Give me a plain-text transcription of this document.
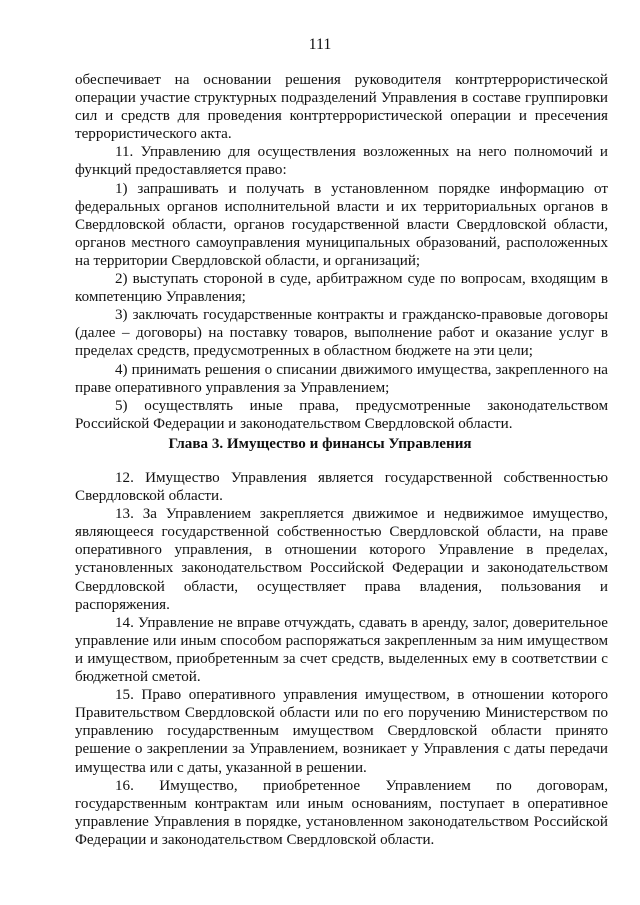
111

обеспечивает на основании решения руководителя контртеррористической операции участие структурных подразделений Управления в составе группировки сил и средств для проведения контртеррористической операции и пресечения террористического акта.

11. Управлению для осуществления возложенных на него полномочий и функций предоставляется право:

1) запрашивать и получать в установленном порядке информацию от федеральных органов исполнительной власти и их территориальных органов в Свердловской области, органов государственной власти Свердловской области, органов местного самоуправления муниципальных образований, расположенных на территории Свердловской области, и организаций;

2) выступать стороной в суде, арбитражном суде по вопросам, входящим в компетенцию Управления;

3) заключать государственные контракты и гражданско-правовые договоры (далее – договоры) на поставку товаров, выполнение работ и оказание услуг в пределах средств, предусмотренных в областном бюджете на эти цели;

4) принимать решения о списании движимого имущества, закрепленного на праве оперативного управления за Управлением;

5) осуществлять иные права, предусмотренные законодательством Российской Федерации и законодательством Свердловской области.

Глава 3. Имущество и финансы Управления

12. Имущество Управления является государственной собственностью Свердловской области.

13. За Управлением закрепляется движимое и недвижимое имущество, являющееся государственной собственностью Свердловской области, на праве оперативного управления, в отношении которого Управление в пределах, установленных законодательством Российской Федерации и законодательством Свердловской области, осуществляет права владения, пользования и распоряжения.

14. Управление не вправе отчуждать, сдавать в аренду, залог, доверительное управление или иным способом распоряжаться закрепленным за ним имуществом и имуществом, приобретенным за счет средств, выделенных ему в соответствии с бюджетной сметой.

15. Право оперативного управления имуществом, в отношении которого Правительством Свердловской области или по его поручению Министерством по управлению государственным имуществом Свердловской области принято решение о закреплении за Управлением, возникает у Управления с даты передачи имущества или с даты, указанной в решении.

16. Имущество, приобретенное Управлением по договорам, государственным контрактам или иным основаниям, поступает в оперативное управление Управления в порядке, установленном законодательством Российской Федерации и законодательством Свердловской области.
